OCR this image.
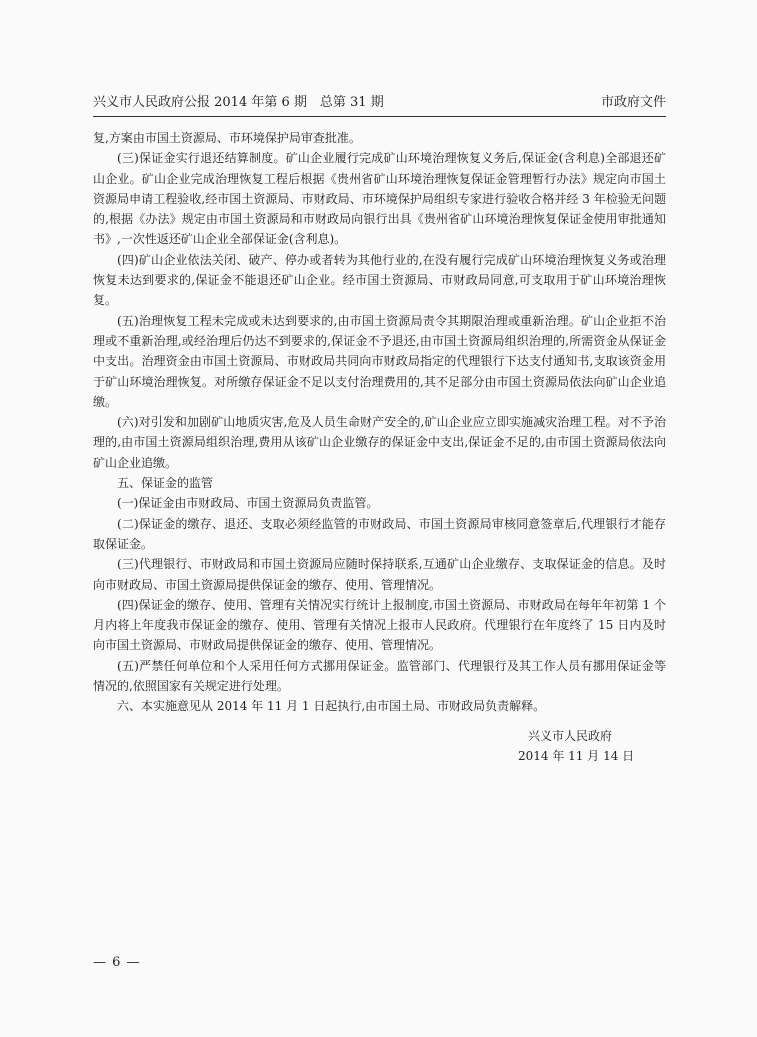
兴义市人民政府公报 2014 年第 6 期　总第 31 期	市政府文件

复,方案由市国土资源局、市环境保护局审查批准。

(三)保证金实行退还结算制度。矿山企业履行完成矿山环境治理恢复义务后,保证金(含利息)全部退还矿山企业。矿山企业完成治理恢复工程后根据《贵州省矿山环境治理恢复保证金管理暂行办法》规定向市国土资源局申请工程验收,经市国土资源局、市财政局、市环境保护局组织专家进行验收合格并经 3 年检验无问题的,根据《办法》规定由市国土资源局和市财政局向银行出具《贵州省矿山环境治理恢复保证金使用审批通知书》,一次性返还矿山企业全部保证金(含利息)。

(四)矿山企业依法关闭、破产、停办或者转为其他行业的,在没有履行完成矿山环境治理恢复义务或治理恢复未达到要求的,保证金不能退还矿山企业。经市国土资源局、市财政局同意,可支取用于矿山环境治理恢复。

(五)治理恢复工程未完成或未达到要求的,由市国土资源局责令其期限治理或重新治理。矿山企业拒不治理或不重新治理,或经治理后仍达不到要求的,保证金不予退还,由市国土资源局组织治理的,所需资金从保证金中支出。治理资金由市国土资源局、市财政局共同向市财政局指定的代理银行下达支付通知书,支取该资金用于矿山环境治理恢复。对所缴存保证金不足以支付治理费用的,其不足部分由市国土资源局依法向矿山企业追缴。

(六)对引发和加剧矿山地质灾害,危及人员生命财产安全的,矿山企业应立即实施减灾治理工程。对不予治理的,由市国土资源局组织治理,费用从该矿山企业缴存的保证金中支出,保证金不足的,由市国土资源局依法向矿山企业追缴。

五、保证金的监管

(一)保证金由市财政局、市国土资源局负责监管。

(二)保证金的缴存、退还、支取必须经监管的市财政局、市国土资源局审核同意签章后,代理银行才能存取保证金。

(三)代理银行、市财政局和市国土资源局应随时保持联系,互通矿山企业缴存、支取保证金的信息。及时向市财政局、市国土资源局提供保证金的缴存、使用、管理情况。

(四)保证金的缴存、使用、管理有关情况实行统计上报制度,市国土资源局、市财政局在每年年初第 1 个月内将上年度我市保证金的缴存、使用、管理有关情况上报市人民政府。代理银行在年度终了 15 日内及时向市国土资源局、市财政局提供保证金的缴存、使用、管理情况。

(五)严禁任何单位和个人采用任何方式挪用保证金。监管部门、代理银行及其工作人员有挪用保证金等情况的,依照国家有关规定进行处理。

六、本实施意见从 2014 年 11 月 1 日起执行,由市国土局、市财政局负责解释。

兴义市人民政府
2014 年 11 月 14 日
— 6 —
